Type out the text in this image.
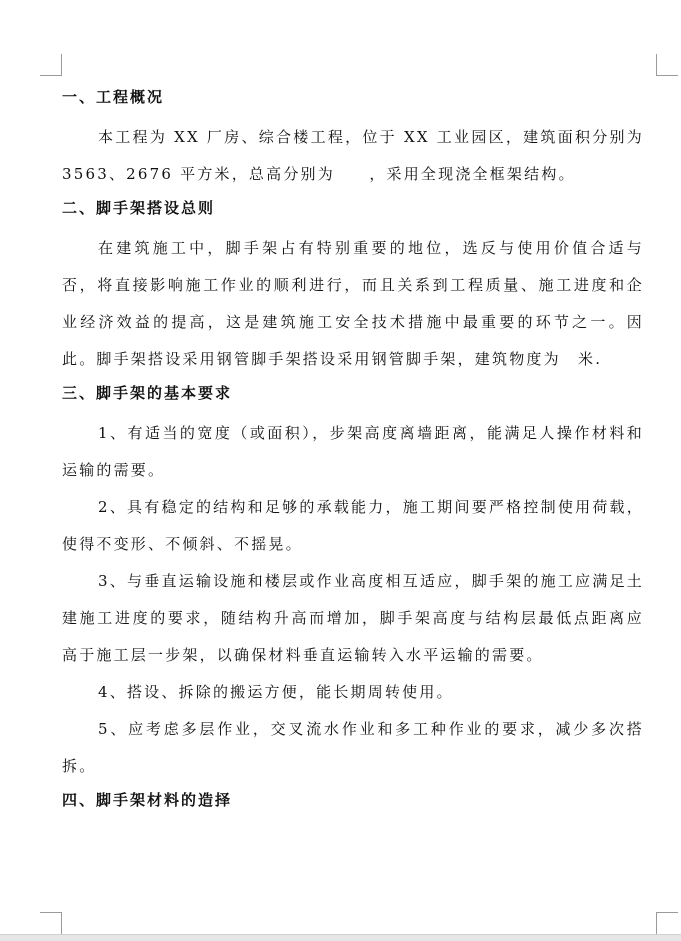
一、工程概况

本工程为 XX 厂房、综合楼工程，位于 XX 工业园区，建筑面积分别为 3563、2676 平方米，总高分别为　　，采用全现浇全框架结构。

二、脚手架搭设总则

在建筑施工中，脚手架占有特别重要的地位，选反与使用价值合适与否，将直接影响施工作业的顺利进行，而且关系到工程质量、施工进度和企业经济效益的提高，这是建筑施工安全技术措施中最重要的环节之一。因此。脚手架搭设采用钢管脚手架搭设采用钢管脚手架，建筑物度为　米.

三、脚手架的基本要求

1、有适当的宽度（或面积），步架高度离墙距离，能满足人操作材料和运输的需要。

2、具有稳定的结构和足够的承载能力，施工期间要严格控制使用荷载，使得不变形、不倾斜、不摇晃。

3、与垂直运输设施和楼层或作业高度相互适应，脚手架的施工应满足土建施工进度的要求，随结构升高而增加，脚手架高度与结构层最低点距离应高于施工层一步架，以确保材料垂直运输转入水平运输的需要。

4、搭设、拆除的搬运方便，能长期周转使用。

5、应考虑多层作业，交叉流水作业和多工种作业的要求，减少多次搭拆。

四、脚手架材料的造择
